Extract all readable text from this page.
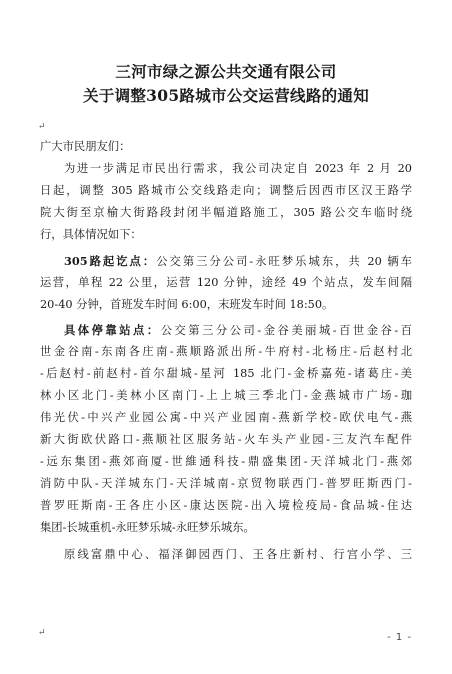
三河市绿之源公共交通有限公司
关于调整305路城市公交运营线路的通知
↵
广大市民朋友们：
为进一步满足市民出行需求，我公司决定自 2023 年 2 月 20
日起，调整 305 路城市公交线路走向；调整后因西市区汉王路学
院大街至京榆大街路段封闭半幅道路施工，305 路公交车临时绕
行，具体情况如下：
305路起讫点：公交第三分公司-永旺梦乐城东，共 20 辆车
运营，单程 22 公里，运营 120 分钟，途经 49 个站点，发车间隔
20-40 分钟，首班发车时间 6:00，末班发车时间 18:50。
具体停靠站点：公交第三分公司-金谷美丽城-百世金谷-百
世金谷南-东南各庄南-燕顺路派出所-牛府村-北杨庄-后赵村北
-后赵村-前赵村-首尔甜城-星河 185 北门-金桥嘉苑-诸葛庄-美
林小区北门-美林小区南门-上上城三季北门-金燕城市广场-珈
伟光伏-中兴产业园公寓-中兴产业园南-燕新学校-欧伏电气-燕
新大街欧伏路口-燕顺社区服务站-火车头产业园-三友汽车配件
-远东集团-燕郊商厦-世維通科技-鼎盛集团-天洋城北门-燕郊
消防中队-天洋城东门-天洋城南-京贸物联西门-普罗旺斯西门-
普罗旺斯南-王各庄小区-康达医院-出入境检疫局-食品城-住达
集团-长城重机-永旺梦乐城-永旺梦乐城东。
原线富鼎中心、福泽御园西门、王各庄新村、行宫小学、三
↵	- 1 -
